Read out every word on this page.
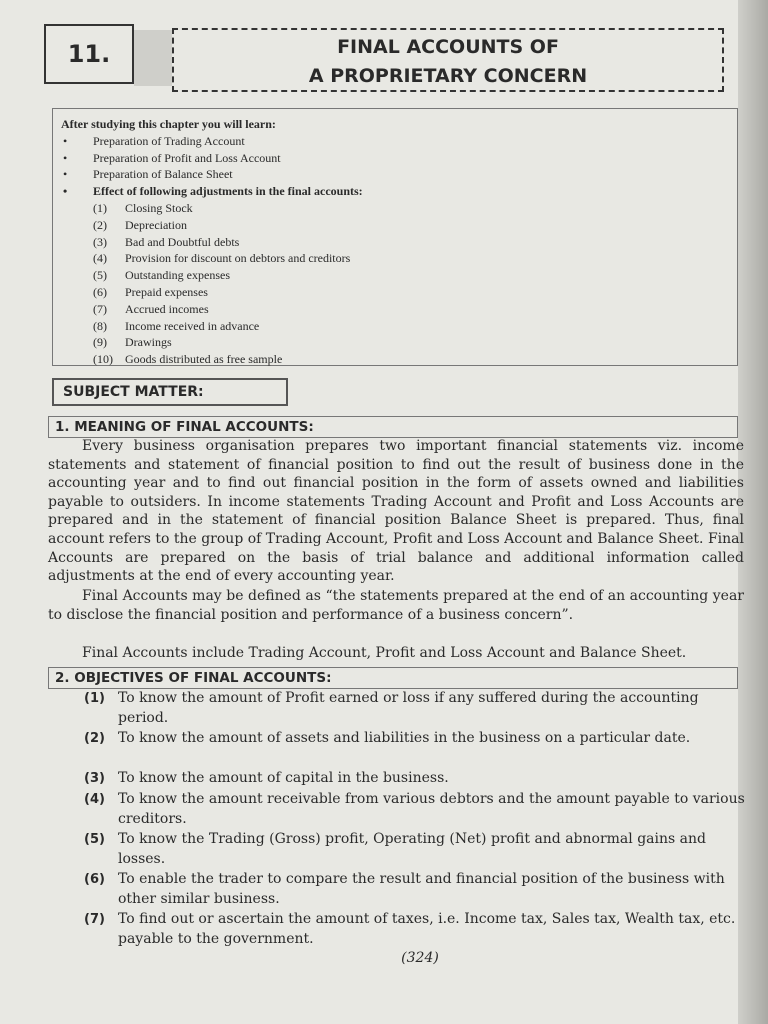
11.	FINAL ACCOUNTS OF
A PROPRIETARY CONCERN
After studying this chapter you will learn:
• Preparation of Trading Account
• Preparation of Profit and Loss Account
• Preparation of Balance Sheet
• Effect of following adjustments in the final accounts:
(1) Closing Stock
(2) Depreciation
(3) Bad and Doubtful debts
(4) Provision for discount on debtors and creditors
(5) Outstanding expenses
(6) Prepaid expenses
(7) Accrued incomes
(8) Income received in advance
(9) Drawings
(10) Goods distributed as free sample
SUBJECT MATTER:
1. MEANING OF FINAL ACCOUNTS:
Every business organisation prepares two important financial statements viz. income statements and statement of financial position to find out the result of business done in the accounting year and to find out financial position in the form of assets owned and liabilities payable to outsiders. In income statements Trading Account and Profit and Loss Accounts are prepared and in the statement of financial position Balance Sheet is prepared. Thus, final account refers to the group of Trading Account, Profit and Loss Account and Balance Sheet. Final Accounts are prepared on the basis of trial balance and additional information called adjustments at the end of every accounting year.
Final Accounts may be defined as “the statements prepared at the end of an accounting year to disclose the financial position and performance of a business concern”.
Final Accounts include Trading Account, Profit and Loss Account and Balance Sheet.
2. OBJECTIVES OF FINAL ACCOUNTS:
(1) To know the amount of Profit earned or loss if any suffered during the accounting period.
(2) To know the amount of assets and liabilities in the business on a particular date.
(3) To know the amount of capital in the business.
(4) To know the amount receivable from various debtors and the amount payable to various creditors.
(5) To know the Trading (Gross) profit, Operating (Net) profit and abnormal gains and losses.
(6) To enable the trader to compare the result and financial position of the business with other similar business.
(7) To find out or ascertain the amount of taxes, i.e. Income tax, Sales tax, Wealth tax, etc. payable to the government.
(324)
